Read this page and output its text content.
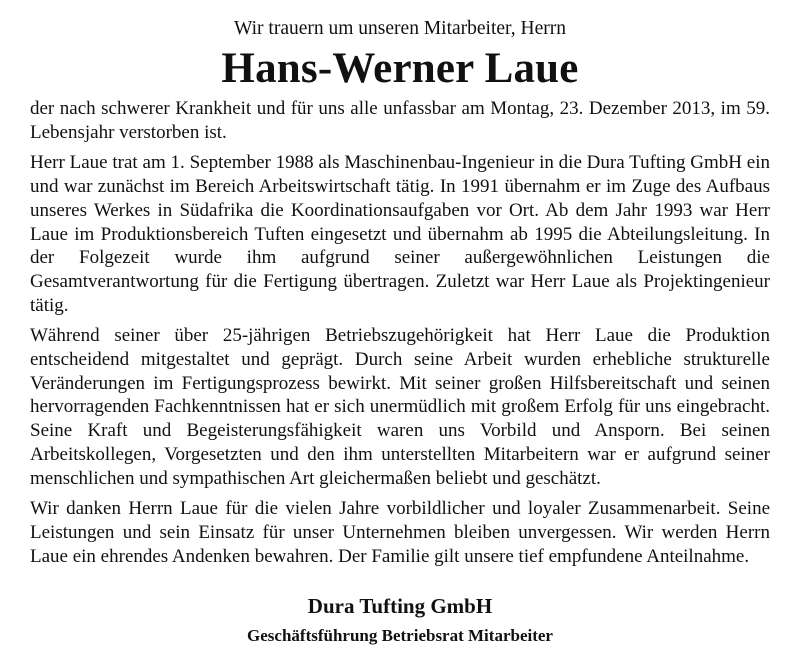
Wir trauern um unseren Mitarbeiter, Herrn

Hans-Werner Laue

der nach schwerer Krankheit und für uns alle unfassbar am Montag, 23. Dezember 2013, im 59. Lebensjahr verstorben ist.

Herr Laue trat am 1. September 1988 als Maschinenbau-Ingenieur in die Dura Tufting GmbH ein und war zunächst im Bereich Arbeitswirtschaft tätig. In 1991 übernahm er im Zuge des Aufbaus unseres Werkes in Südafrika die Koordinationsaufgaben vor Ort. Ab dem Jahr 1993 war Herr Laue im Produktionsbereich Tuften eingesetzt und übernahm ab 1995 die Abteilungsleitung. In der Folgezeit wurde ihm aufgrund seiner außergewöhnlichen Leistungen die Gesamtverantwortung für die Fertigung übertragen. Zuletzt war Herr Laue als Projektingenieur tätig.

Während seiner über 25-jährigen Betriebszugehörigkeit hat Herr Laue die Produktion entscheidend mitgestaltet und geprägt. Durch seine Arbeit wurden erhebliche strukturelle Veränderungen im Fertigungsprozess bewirkt. Mit seiner großen Hilfsbereitschaft und seinen hervorragenden Fachkenntnissen hat er sich unermüdlich mit großem Erfolg für uns eingebracht. Seine Kraft und Begeisterungsfähigkeit waren uns Vorbild und Ansporn. Bei seinen Arbeitskollegen, Vorgesetzten und den ihm unterstellten Mitarbeitern war er aufgrund seiner menschlichen und sympathischen Art gleichermaßen beliebt und geschätzt.

Wir danken Herrn Laue für die vielen Jahre vorbildlicher und loyaler Zusammenarbeit. Seine Leistungen und sein Einsatz für unser Unternehmen bleiben unvergessen. Wir werden Herrn Laue ein ehrendes Andenken bewahren. Der Familie gilt unsere tief empfundene Anteilnahme.

Dura Tufting GmbH
Geschäftsführung Betriebsrat Mitarbeiter
